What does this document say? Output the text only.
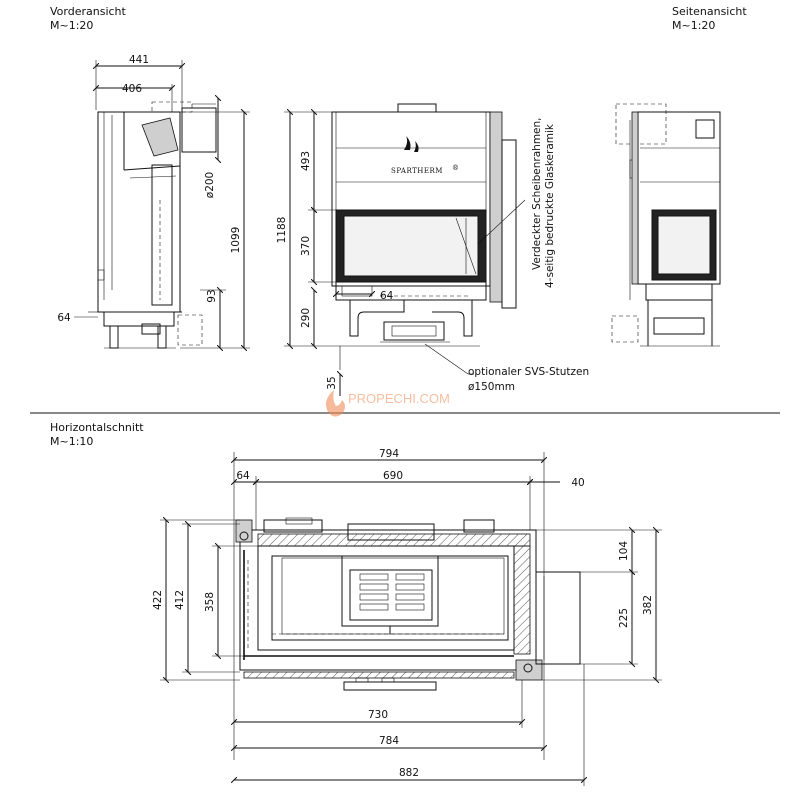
Vorderansicht
M~1:20
Seitenansicht
M~1:20
Horizontalschnitt
M~1:10
441
406
ø200
1099
93
64
SPARTHERM ®
1188
493
370
290
35
64
Verdeckter Scheibenrahmen, 4-seitig bedruckte Glaskeramik
optionaler SVS-Stutzen
ø150mm
PROPECHI.COM
794
64	690
40
422 412 358
104
225
382
730
784
882
